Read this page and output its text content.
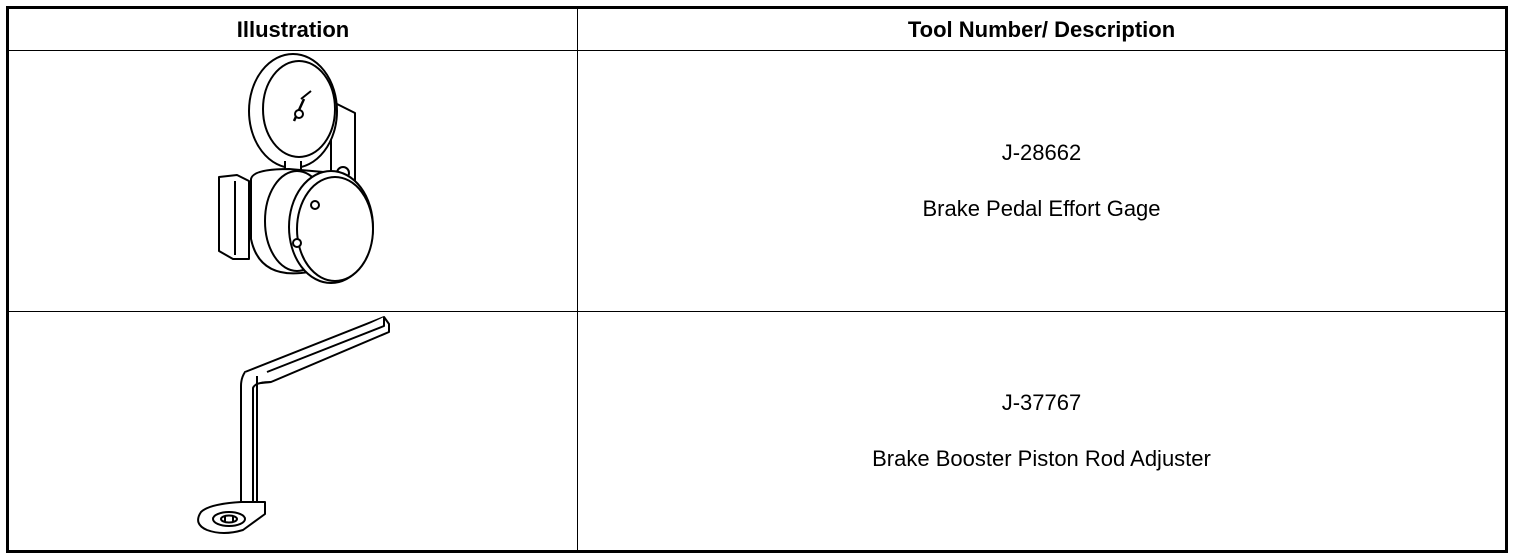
Illustration	Tool Number/ Description
J-28662
Brake Pedal Effort Gage
J-37767
Brake Booster Piston Rod Adjuster
